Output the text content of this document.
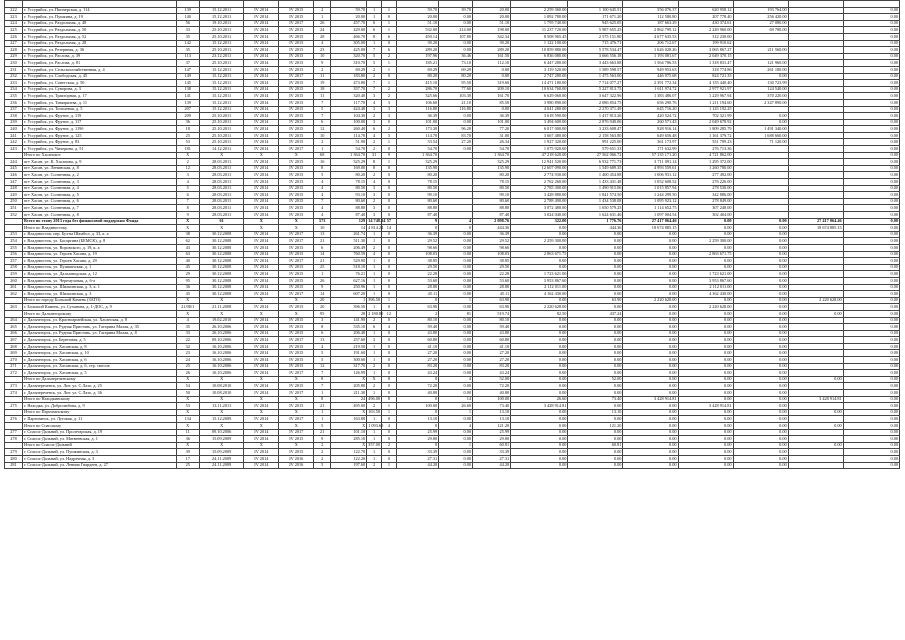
222	г. Уссурийск, ул. Пионерская, д. 114	139	15.12.2011	IV 2014	IV 2015	2	59.70	1	1	59.70	39.70	20.00	2 259 360.00	1 100 645.51	556 076.37	620 958.12	193 764.00		0.00
223	г. Уссурийск, ул. Пушкина, д. 19	140	15.12.2011	IV 2014	IV 2015	1	20.00	1	0	20.00	0.00	20.00	1 892 780.00	171 671.20	112 580.80	207 778.40	256 420.00		0.00
224	г. Уссурийск, ул. Раздольная, д. 48	56	19.10.2011	IV 2014	IV 2017	26	457.70	6	1	51.10	0.00	51.10	1 795 740.00	945 625.05	187 663.29	430 374.61	27 080.00		0.00
225	г. Уссурийск, ул. Раздольная, д. 50	33	25.10.2011	IV 2014	IV 2015	24	429.00	6	1	532.00	214.00	198.00	11 237 720.00	5 987 655.25	2 862 799.12	2 249 960.00	69 780.00		0.00
226	г. Уссурийск, ул. Раздольная, д. 52	35	25.10.2011	IV 2014	IV 2015	28	466.70	8	6	450.14	107.80	342.34	8 508 965.45	2 575 151.80	4 677 635.53	312 230.00			0.00
227	г. Уссурийск, ул. Раздольная, д. 28	142	15.12.2011	IV 2014	IV 2015	4	305.00	1	0	39.20	0.00	39.20	1 122 100.00	715 476.71	206 712.67	199 910.62			0.00
228	г. Уссурийск, ул. Резервная, д. 36	35	25.10.2011	IV 2014	IV 2015	23	425.00	7	6	289.20	0.00	289.20	10 859 880.00	5 578 534.47	1 626 028.26	3 065 867.27	211 560.00		0.00
229	г. Уссурийск, ул. Раслова, д. 39	113	23.12.2011	IV 2014	IV 2015	10	320.70	5	2	197.96	36.46	161.50	6 836 080.00	3 666 556.18	1 193 081.67	2 049 370.15			0.00
230	г. Уссурийск, ул. Раслова, д. 81	37	25.10.2011	IV 2014	IV 2015	9	310.70	5	1	185.21	73.10	112.10	6 447 280.00	3 443 663.88	1 564 786.53	1 318 831.47	121 960.00		0.00
231	г. Уссурийск, ул. Сельскохозяйственная, д. 4	147	15.12.2011	IV 2014	IV 2015	2	69.29	2	1	69.29	69.29	0.00	3 119 520.00	1 589 598.57	949 953.63	318 774.86	261 180.00		0.00
232	г. Уссурийск, ул. Слободская, д. 45	149	15.12.2011	IV 2014	IV 2017	11	183.80	2	0	80.20	80.20	0.00	2 747 280.00	1 475 563.00	446 975.68	824 721.35	0.00		0.00
233	г. Уссурийск, ул. Советская, д. 50	145	15.12.2011	IV 2014	IV 2015	19	473.80	7	1	415.10	95.50	319.60	14 471 180.00	7 714 077.27	2 391 772.34	4 155 440.40	130 723.99		0.00
234	г. Уссурийск, ул. Суворова, д. 3	138	15.12.2011	IV 2014	IV 2015	18	357.70	7	2	286.70	77.60	209.10	10 634 760.00	5 227 813.75	1 611 974.72	2 977 921.97	124 540.00		0.00
235	г. Уссурийск, ул. Тракторная, д. 17	141	15.12.2011	IV 2014	IV 2015	11	320.40	3	2	325.66	103.30	161.70	6 629 060.00	3 647 322.96	1 383 486.07	1 229 967.94	370 220.00		0.00
236	г. Уссурийск, ул. Тимирязева, д. 11	139	15.12.2011	IV 2014	IV 2015	7	117.70	4	3	106.60	21.10	85.50	3 980 890.00	2 086 854.75	656 290.76	1 211 194.60	2 347 890.00		0.00
237	г. Уссурийск, ул. Тополевая, д. 5	207	15.12.2011	IV 2014	IV 2015	5	424.40	3	3	116.80	116.80	0.00	4 041 280.00	2 270 371.49	645 716.20	1 125 192.25			0.00
238	г. Уссурийск, ул. Фрунзе, д. 119	209	25.10.2011	IV 2014	IV 2015	7	104.30	2	3	36.39	0.00	36.39	3 618 590.00	1 417 813.26	420 524.72	702 321.99	0.00		0.00
239	г. Уссурийск, ул. Фрунзе, д. 117	36	25.10.2011	IV 2014	IV 2015	6	100.00	3	0	101.00	0.00	101.00	3 494 600.00	2 876 940.06	260 571.43	2 049 678.92	0.00		0.00
240	г. Уссурийск, ул. Фрунзе, д. 119б	18	25.10.2011	IV 2014	IV 2015	12	260.40	6	2	173.30	96.20	77.20	6 017 000.00	3 233 608.47	928 916.14	1 809 285.79	1 491 340.00		0.00
241	г. Уссурийск, ул. Фрунзе, д. 125	25	25.10.2011	IV 2014	IV 2015	10	114.70	4	3	114.70	83.70	31.00	3 667 480.00	2 158 563.80	649 656.48	1 161 379.72	1 688 660.00		0.00
242	г. Уссурийск, ул. Фрунзе, д. 83	53	25.10.2011	IV 2014	IV 2015	2	51.90	2	1	53.54	27.20	26.34	1 927 320.00	991 225.00	361 173.97	551 709.23	71 120.00		0.00
243	г. Уссурийск, ул. Чичерина, д. 51	181	14.12.2011	IV 2014	IV 2017	1	54.70	2	0	54.70	0.00	54.70	1 075 920.00	579 651.33	171 632.99	276 713.36			0.00
	Итого по Хасанское	X	X	X	X	68	1 364.70	31	9	1 364.70		1 364.70	47 218 620.00	27 562 066.72	57 135 171.20	4 721 862.00			0.00
244	пгт Хасан, ул. К. Хасанова, д. 9	2	28.03.2011	IV 2014	IV 2015	16	325.29	8	1	325.29		325.29	12 941 520.00	6 932 771.73	3 711 091.14	1 295 372.00			0.00
245	пгт Хасан, ул. Ленинская, д. 8	12	28.03.2011	IV 2014	IV 2015	8	169.00	8	8	135.90		135.90	12 607 090.00	1 549 689.35	4 993 559.61	1 260 780.00			0.00
246	пгт Хасан, ул. Солнечная, д. 2	3	28.03.2011	IV 2014	IV 2015	5	80.20	2	0	80.20		80.20	2 774 930.00	1 400 454.88	1 006 931.12	277 492.00			0.00
247	пгт Хасан, ул. Солнечная, д. 3	4	28.03.2011	IV 2014	IV 2015	4	78.15	4	0	78.15		78.15	2 762 260.00	1 433 431.48	1 052 608.52	276 226.00			0.00
248	пгт Хасан, ул. Солнечная, д. 4	5	28.03.2011	IV 2014	IV 2015	4	80.50	3	0	80.50		80.50	2 785 300.00	1 490 915.06	1 015 857.94	278 530.00			0.00
249	пгт Хасан, ул. Солнечная, д. 5	6	28.03.2011	IV 2014	IV 2015	4	93.10	3	0	99.10		99.10	3 428 880.00	1 841 574.50	1 244 299.50	342 886.00			0.00
250	пгт Хасан, ул. Солнечная, д. 6	7	28.03.2011	IV 2014	IV 2015	7	80.60	2	0	80.60		80.60	2 788 490.00	1 434 538.08	1 095 923.12	278 849.00			0.00
251	пгт Хасан, ул. Солнечная, д. 7	8	28.03.2011	IV 2014	IV 2015	4	88.80	3	0	88.80		88.80	3 072 480.00	1 650 579.25	1 114 652.75	307 248.00			0.00
252	пгт Хасан, ул. Солнечная, д. 8	9	28.03.2011	IV 2014	IV 2015	4	87.40	3	0	87.40		87.40	3 024 040.00	1 624 631.46	1 097 004.54	302 404.00			0.00
	Всего по этапу 2013 года без финансовой поддержки Фонда	X	61	X	X	573	129	14 748.34	57	9	4	2 098.76	322.00	1 776.76	27 417 064.46	0.00	0.00	27 417 064.46	0.00
	Итого по Владивостоку	X	X	X	X	10	14	4 814.24	14	0	0	444.36	0.00	444.36	18 674 885.15	0.00	0.00	18 674 885.15	0.00
253	г. Владивосток, пер. Бухты Шамбол, д. 33, к. а	38	30.12.2008	IV 2014	IV 2017	13	261.74	1	0	36.39	0.00	36.39	0.00	0.00	0.00	0.00	0.00		0.00
254	г. Владивосток, ул. Басаргина (БЕМСК), д. 8	62	30.12.2008	IV 2014	IV 2017	21	511.30	1	0	29.52	0.00	29.52	2 259 300.00	0.00	0.00	2 259 300.00	0.00		0.00
255	г. Владивосток, ул. Воровского, д. 19, к. а	43	30.12.2008	IV 2014	IV 2015	6	206.49	2	0	98.66	0.00	98.66	0.00	0.00	0.00	0.00	0.00		0.00
256	г. Владивосток, ул. Героев Хасана, д. 19	63	30.12.2008	IV 2014	IV 2015	14	760.59	4	0	108.03	0.00	108.03	2 863 671.75	0.00	0.00	2 863 671.75	0.00		0.00
257	г. Владивосток, ул. Героев Хасана, д. 29	40	30.12.2008	IV 2014	IV 2017	21	529.90	1	0	38.85	0.00	38.85	0.00	0.00	0.00	0.00	0.00		0.00
258	г. Владивосток, ул. Пушкинская, д. 1	45	30.12.2008	IV 2014	IV 2015	25	518.10	1	0	29.50	0.00	29.50	0.00	0.00	0.00	0.00	0.00		0.00
259	г. Владивосток, ул. Дальзаводская, д. 12	29	30.12.2008	IV 2014	IV 2015	1	76.21	1	0	22.28	0.00	22.28	1 723 621.00	0.00	0.00	1 723 621.00	0.00		0.00
260	г. Владивосток, ул. Черемуховая, д. 6-а	95	30.12.2008	IV 2014	IV 2015	26	627.16	1	0	53.60	0.00	53.60	3 953 867.60	0.00	0.00	3 953 867.60	0.00		0.00
261	г. Владивосток, ул. Шилкинская, д. 3, к. 1	36	30.12.2008	IV 2014	IV 2015	9	250.96	1	0	28.80	0.00	28.80	2 112 011.00	0.00	0.00	2 112 011.00	0.00		0.00
262	г. Владивосток, ул. Шилкинская, д. 3	45	30.12.2008	IV 2014	IV 2017	14	607.20	1	0	45.11	0.00	45.11	4 162 430.00	0.00	0.00	4 162 430.00	0.00		0.00
	Итого по городу Большой Камень (ЗАТО)	X	X	X	X	20	1	396.50	1	0	1	63.90	0.00	63.90	2 220 628.00	0.00	0.00	2 220 628.00	0.00
263	г. Большой Камень, ул. Суханова, д. 1-ДОС, д. 9	21/08/1	21.11.2008	IV 2014	IV 2015	20	396.50	1	0	63.90	0.00	63.90	2 220 628.00	0.00	0.00	2 220 628.00	0.00		0.00
	Итого по Дальнегорскому	X	X	X	X	95	28	2 180.80	12	2	81	519.74	82.50	437.24	0.00	0.00	0.00	0.00	0.00
264	г. Дальнегорск, ул. Красноармейская, ул. Хасанская, д. 8	4	19.02.2010	IV 2014	IV 2015	3	141.90	2	0	80.10	0.00	80.10	0.00	0.00	0.00	0.00	0.00		0.00
265	г. Дальнегорск, ул. Рудная Пристань, ул. Гагарина Малая, д. 35	35	26.10.2006	IV 2014	IV 2015	8	535.10	6	4	59.40	0.00	59.40	0.00	0.00	0.00	0.00	0.00		0.00
266	г. Дальнегорск, ул. Рудная Пристань, ул. Гагарина Малая, д. 8	33	26.10.2006	IV 2014	IV 2015	6	206.40	1	0	43.80	0.00	43.80	0.00	0.00	0.00	0.00	0.00		0.00
267	г. Дальнегорск, ул. Береговая, д. 5	22	09.10.2006	IV 2014	IV 2017	13	257.60	3	0	60.80	0.00	60.80	0.00	0.00	0.00	0.00	0.00		0.00
268	г. Дальнегорск, ул. Хасанская, д. 8	32	16.10.2006	IV 2014	IV 2015	4	219.50	1	0	41.10	0.00	41.10	0.00	0.00	0.00	0.00	0.00		0.00
269	г. Дальнегорск, ул. Хасанская, д. 10	23	16.10.2006	IV 2014	IV 2015	5	191.60	1	0	27.20	0.00	27.20	0.00	0.00	0.00	0.00	0.00		0.00
270	г. Дальнегорск, ул. Хасанская, д. 6	24	16.10.2006	IV 2014	IV 2015	5	300.60	1	0	27.20	0.00	27.20	0.00	0.00	0.00	0.00	0.00		0.00
271	г. Дальнегорск, ул. Хасанская, д. 6, стр. смесов	25	16.10.2006	IV 2014	IV 2015	12	317.70	2	0	83.20	0.00	83.20	0.00	0.00	0.00	0.00	0.00		0.00
272	г. Дальнегорск, ул. Хасанская, д. 5	26	16.10.2006	IV 2014	IV 2017	7	126.99	1	0	43.24	0.00	43.24	0.00	0.00	0.00	0.00	0.00		0.00
	Итого по Дальнереченскому	X	X	X	X	8	X	X	8	0	4	52.00	0.00	52.00	0.00	0.00	0.00	0.00	0.00
273	г. Дальнереченск, ул. Лит. ул. С.Лазо, д. 25	54	10.08.2010	IV 2014	IV 2015	7	205.80	2	0	72.20	0.00	72.20	0.00	0.00	0.00	0.00	0.00		0.00
274	г. Дальнереченск, ул. Лит. ул. С.Лазо, д. 36	50	10.08.2010	IV 2014	IV 2017	1	211.30	1	0	40.80	0.00	40.80	0.00	0.00	0.00	0.00	0.00		0.00
	Итого по Находкинскому	X	X	X	X	8	24	496.00	8	0	14	100.00	26.60	73.40	3 428 914.81	0.00	0.00	3 428 914.81	0.00
275	г. Находка, ул. Добролюбова, д. 9	53	13.11.2011	IV 2014	IV 2015	21	495.00	2	1	100.00	26.60	73.40	3 428 914.81	0.00	0.00	3 428 914.81	0.00		0.00
	Итого по Партизанскому	X	X	X	X	1	X	163.50	1	0	1	13.10	0.00	13.10	0.00	0.00	0.00	0.00	0.00
276	г. Партизанск, ул. Луговая, д. 11	134	15.12.2009	IV 2014	IV 2017	1	163.80	1	0	13.10	0.00	13.10	0.00	0.00	0.00	0.00	0.00		0.00
	Итого по Спасскому	X	X	X	X	5	X	1 093.60	4	0	4	121.20	0.00	121.20	0.00	0.00	0.00	0.00	0.00
277	г. Спасск-Дальний, ул. Пролетарская, д. 19	11	09.10.2006	IV 2014	IV 2017	21	101.10	1	0	25.99	0.00	25.99	0.00	0.00	0.00	0.00	0.00		0.00
278	г. Спасск-Дальний, ул. Матвеевская, д. 1	36	15.09.2009	IV 2014	IV 2015	9	285.10	1	0	29.80	0.00	29.80	0.00	0.00	0.00	0.00	0.00		0.00
	Итого по Спасск-Дальний	X	X	X	X	2	X	357.00	2	0	1	60.81	0.00	60.81	0.00	0.00	0.00	0.00	0.00
279	г. Спасск-Дальний, ул. Пушкинская, д. 3	39	15.09.2009	IV 2014	IV 2015	2	122.70	1	0	33.39	0.00	33.39	0.00	0.00	0.00	0.00	0.00		0.00
280	г. Спасск-Дальний, ул. Надречная, д. 3	17	24.11.2009	IV 2014	IV 2016	2	122.20	1	0	27.31	0.00	27.31	0.00	0.00	0.00	0.00	0.00		0.00
281	г. Спасск-Дальний, ул. Ленина Гвардеев, д. 27	25	24.11.2009	IV 2014	IV 2016	5	197.60	2	1	44.20	0.00	44.20	0.00	0.00	0.00	0.00	0.00		0.00
